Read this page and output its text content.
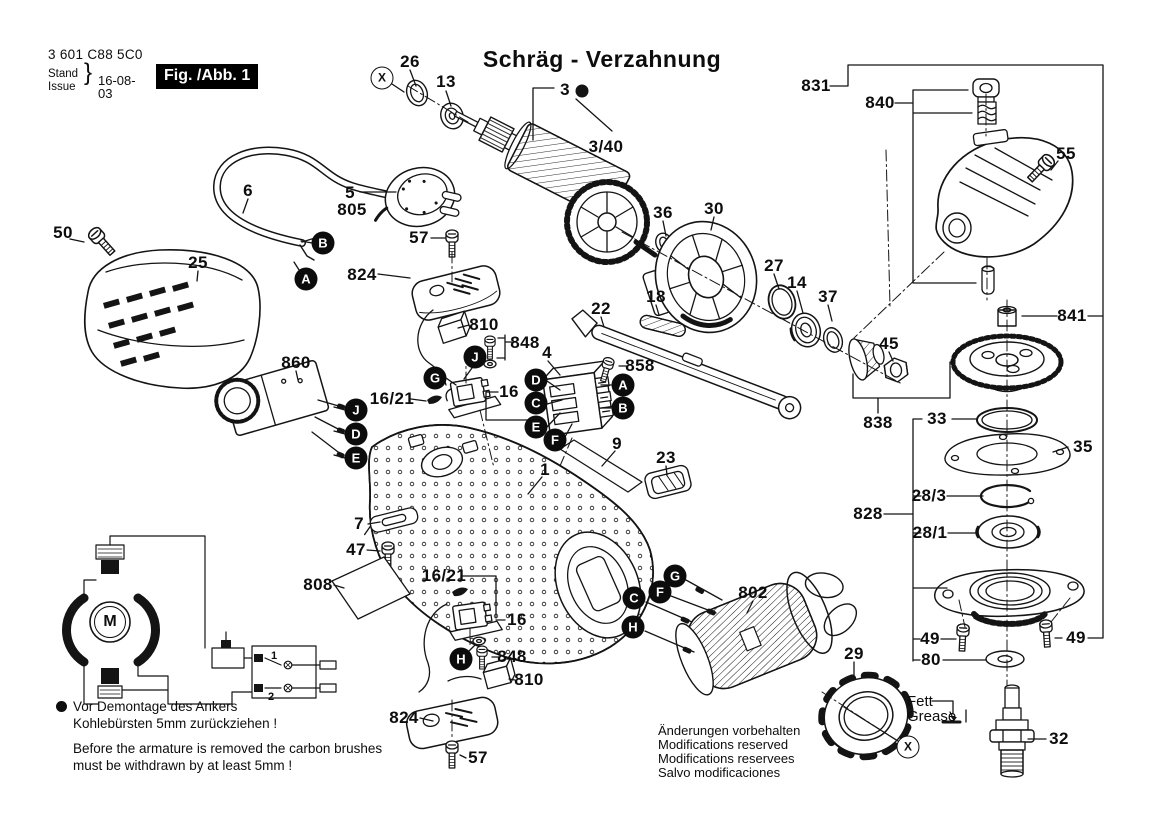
3 601 C88 5C0
Stand
Issue
} 16-08-03
Fig. /Abb. 1
Schräg - Verzahnung
Vor Demontage des Ankers
Kohlebürsten 5mm zurückziehen !
Before the armature is removed the carbon brushes
must be withdrawn by at least 5mm !
Änderungen vorbehalten
Modifications reserved
Modifications reservees
Salvo modificaciones
Fett
Grease
M
1
2
26
13	3
3/40
831
840
55
6	5
805
57
824
36 30
50
25	27
14
37
18
22
810
848
4
858
841
860
16/21	16
45
838 33
35
28/3
828
28/1
9
23
1
7
47
808	16/21
16
848
810
824
57
802
29
49	49
80
32
B
A
J
G	D
C
E
F
A
B
J
D
E
H
G
F
C
H
X
X
